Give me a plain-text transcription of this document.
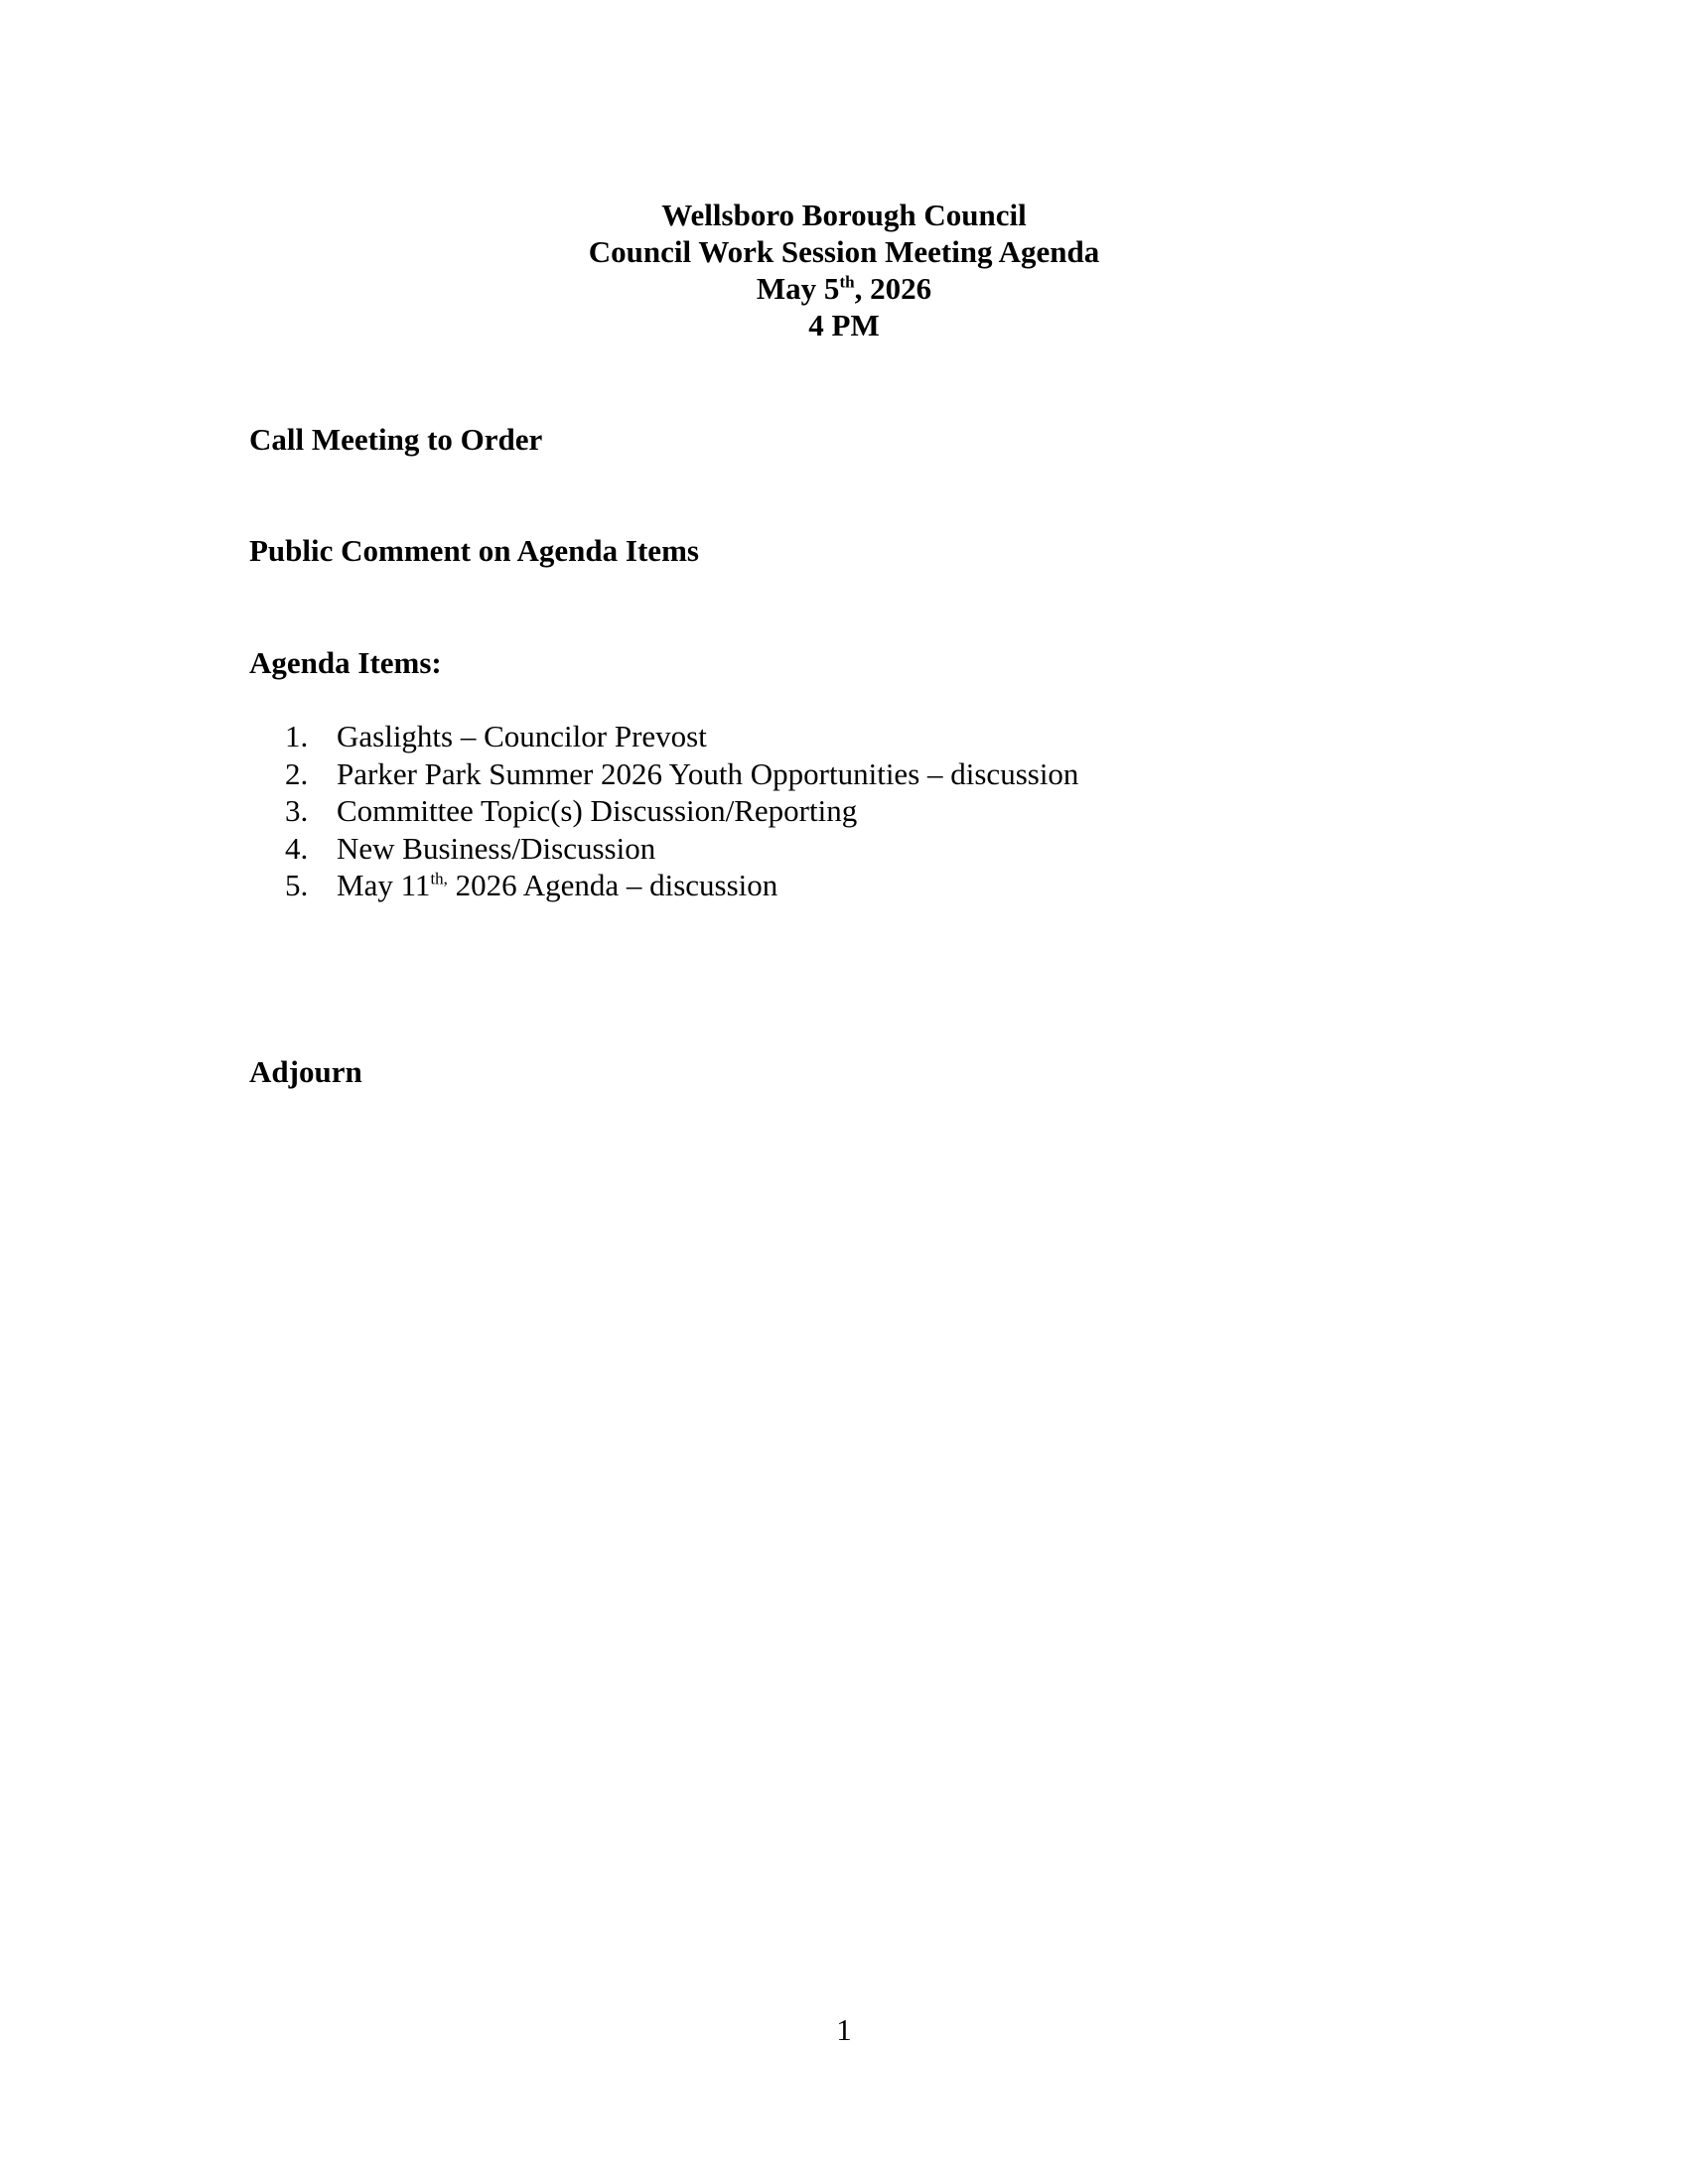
Wellsboro Borough Council
Council Work Session Meeting Agenda
May 5th, 2026
4 PM
Call Meeting to Order
Public Comment on Agenda Items
Agenda Items:
1. Gaslights – Councilor Prevost
2. Parker Park Summer 2026 Youth Opportunities – discussion
3. Committee Topic(s) Discussion/Reporting
4. New Business/Discussion
5. May $11^{th,}$ 2026 Agenda – discussion
Adjourn
1
